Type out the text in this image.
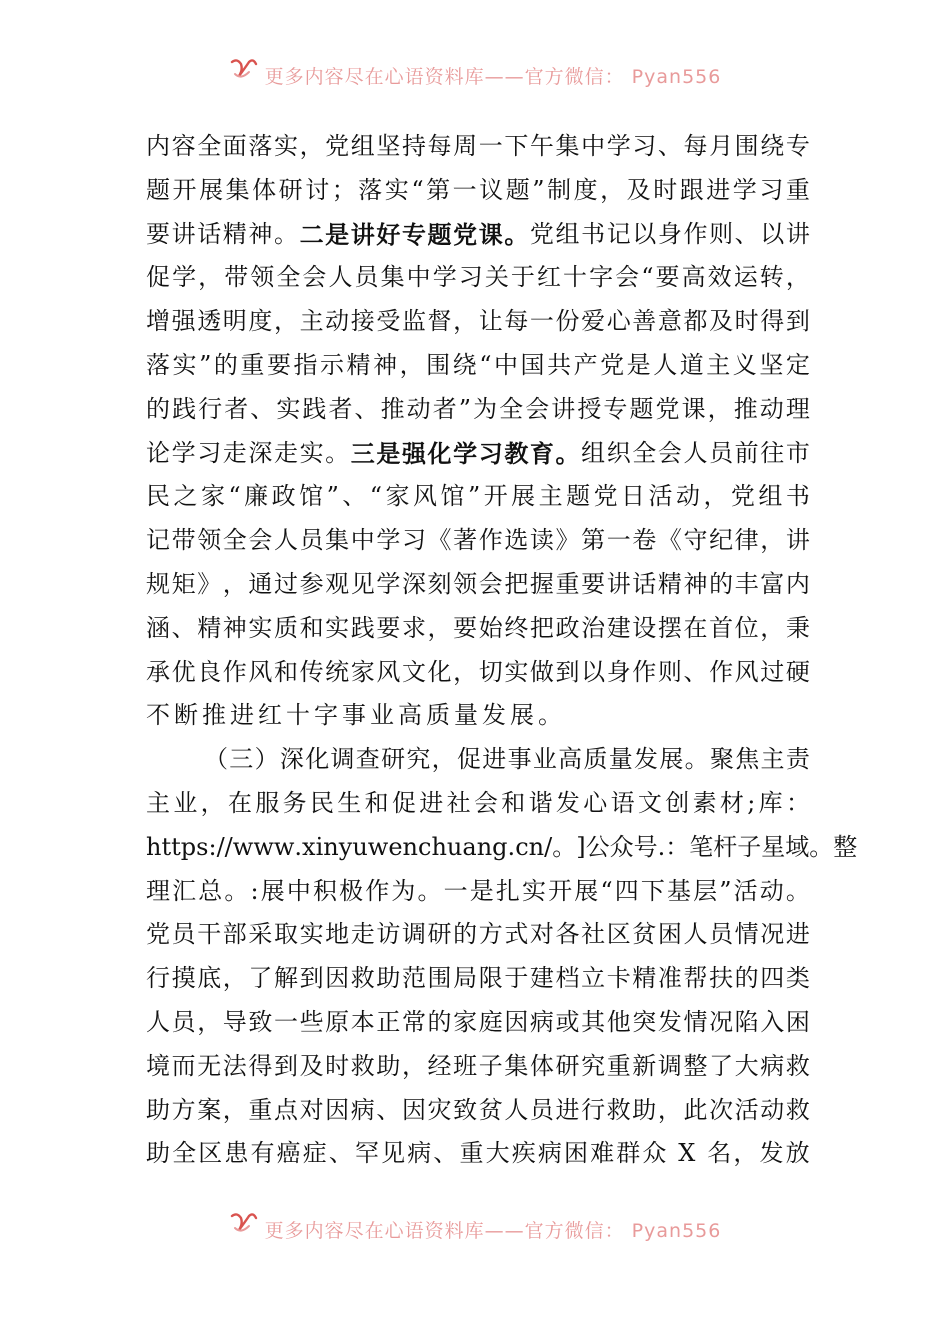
更多内容尽在心语资料库——官方微信： Pyan556
内 容 全 面 落 实 ， 党 组 坚 持 每 周 一 下 午 集 中 学 习 、 每 月 围 绕 专
题 开 展 集 体 研 讨 ； 落 实 “ 第 一 议 题 ” 制 度 ， 及 时 跟 进 学 习 重
要 讲 话 精 神 。 二 是 讲 好 专 题 党 课 。 党 组 书 记 以 身 作 则 、 以 讲
促 学 ， 带 领 全 会 人 员 集 中 学 习 关 于 红 十 字 会 “ 要 高 效 运 转 ，
增 强 透 明 度 ， 主 动 接 受 监 督 ， 让 每 一 份 爱 心 善 意 都 及 时 得 到
落 实 ” 的 重 要 指 示 精 神 ， 围 绕 “ 中 国 共 产 党 是 人 道 主 义 坚 定
的 践 行 者 、 实 践 者 、 推 动 者 ” 为 全 会 讲 授 专 题 党 课 ， 推 动 理
论 学 习 走 深 走 实 。 三 是 强 化 学 习 教 育 。 组 织 全 会 人 员 前 往 市
民 之 家 “ 廉 政 馆 ” 、 “ 家 风 馆 ” 开 展 主 题 党 日 活 动 ， 党 组 书
记 带 领 全 会 人 员 集 中 学 习 《 著 作 选 读 》 第 一 卷 《 守 纪 律 ， 讲
规 矩 》 ， 通 过 参 观 见 学 深 刻 领 会 把 握 重 要 讲 话 精 神 的 丰 富 内
涵 、 精 神 实 质 和 实 践 要 求 ， 要 始 终 把 政 治 建 设 摆 在 首 位 ， 秉
承 优 良 作 风 和 传 统 家 风 文 化 ， 切 实 做 到 以 身 作 则 、 作 风 过 硬
不 断 推 进 红 十 字 事 业 高 质 量 发 展 。
（ 三 ） 深 化 调 查 研 究 ， 促 进 事 业 高 质 量 发 展 。 聚 焦 主 责
主 业 ， 在 服 务 民 生 和 促 进 社 会 和 谐 发 心 语 文 创 素 材 ; 库 ：
h t t p s : / / w w w . x i n y u w e n c h u a n g . c n / 。 ] 公 众 号 . ： 笔 杆 子 星 域 。 整
理 汇 总 。 : 展 中 积 极 作 为 。 一 是 扎 实 开 展 “ 四 下 基 层 ” 活 动 。
党 员 干 部 采 取 实 地 走 访 调 研 的 方 式 对 各 社 区 贫 困 人 员 情 况 进
行 摸 底 ， 了 解 到 因 救 助 范 围 局 限 于 建 档 立 卡 精 准 帮 扶 的 四 类
人 员 ， 导 致 一 些 原 本 正 常 的 家 庭 因 病 或 其 他 突 发 情 况 陷 入 困
境 而 无 法 得 到 及 时 救 助 ， 经 班 子 集 体 研 究 重 新 调 整 了 大 病 救
助 方 案 ， 重 点 对 因 病 、 因 灾 致 贫 人 员 进 行 救 助 ， 此 次 活 动 救
助 全 区 患 有 癌 症 、 罕 见 病 、 重 大 疾 病 困 难 群 众
X
名 ， 发 放
更多内容尽在心语资料库——官方微信： Pyan556
